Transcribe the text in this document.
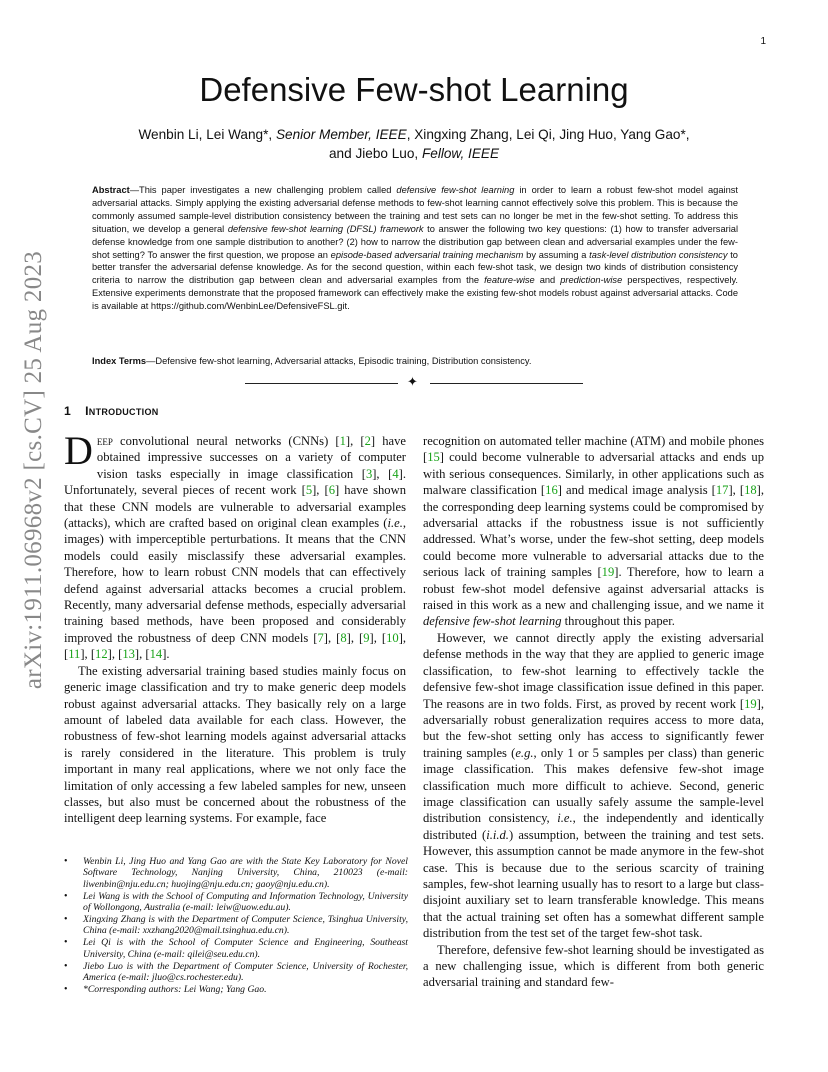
1
arXiv:1911.06968v2 [cs.CV] 25 Aug 2023
Defensive Few-shot Learning
Wenbin Li, Lei Wang*, Senior Member, IEEE, Xingxing Zhang, Lei Qi, Jing Huo, Yang Gao*,
and Jiebo Luo, Fellow, IEEE
Abstract—This paper investigates a new challenging problem called defensive few-shot learning in order to learn a robust few-shot model against adversarial attacks. Simply applying the existing adversarial defense methods to few-shot learning cannot effectively solve this problem. This is because the commonly assumed sample-level distribution consistency between the training and test sets can no longer be met in the few-shot setting. To address this situation, we develop a general defensive few-shot learning (DFSL) framework to answer the following two key questions: (1) how to transfer adversarial defense knowledge from one sample distribution to another? (2) how to narrow the distribution gap between clean and adversarial examples under the few-shot setting? To answer the first question, we propose an episode-based adversarial training mechanism by assuming a task-level distribution consistency to better transfer the adversarial defense knowledge. As for the second question, within each few-shot task, we design two kinds of distribution consistency criteria to narrow the distribution gap between clean and adversarial examples from the feature-wise and prediction-wise perspectives, respectively. Extensive experiments demonstrate that the proposed framework can effectively make the existing few-shot models robust against adversarial attacks. Code is available at https://github.com/WenbinLee/DefensiveFSL.git.
Index Terms—Defensive few-shot learning, Adversarial attacks, Episodic training, Distribution consistency.
✦
1 Introduction

Deep convolutional neural networks (CNNs) [1], [2] have obtained impressive successes on a variety of computer vision tasks especially in image classification [3], [4]. Unfortunately, several pieces of recent work [5], [6] have shown that these CNN models are vulnerable to adversarial examples (attacks), which are crafted based on original clean examples (i.e., images) with imperceptible perturbations. It means that the CNN models could easily misclassify these adversarial examples. Therefore, how to learn robust CNN models that can effectively defend against adversarial attacks becomes a crucial problem. Recently, many adversarial defense methods, especially adversarial training based methods, have been proposed and considerably improved the robustness of deep CNN models [7], [8], [9], [10], [11], [12], [13], [14].

The existing adversarial training based studies mainly focus on generic image classification and try to make generic deep models robust against adversarial attacks. They basically rely on a large amount of labeled data available for each class. However, the robustness of few-shot learning models against adversarial attacks is rarely considered in the literature. This problem is truly important in many real applications, where we not only face the limitation of only accessing a few labeled samples for new, unseen classes, but also must be concerned about the robustness of the intelligent deep learning systems. For example, face

• Wenbin Li, Jing Huo and Yang Gao are with the State Key Laboratory for Novel Software Technology, Nanjing University, China, 210023 (e-mail: liwenbin@nju.edu.cn; huojing@nju.edu.cn; gaoy@nju.edu.cn).
• Lei Wang is with the School of Computing and Information Technology, University of Wollongong, Australia (e-mail: leiw@uow.edu.au).
• Xingxing Zhang is with the Department of Computer Science, Tsinghua University, China (e-mail: xxzhang2020@mail.tsinghua.edu.cn).
• Lei Qi is with the School of Computer Science and Engineering, Southeast University, China (e-mail: qilei@seu.edu.cn).
• Jiebo Luo is with the Department of Computer Science, University of Rochester, America (e-mail: jluo@cs.rochester.edu).
• *Corresponding authors: Lei Wang; Yang Gao.

recognition on automated teller machine (ATM) and mobile phones [15] could become vulnerable to adversarial attacks and ends up with serious consequences. Similarly, in other applications such as malware classification [16] and medical image analysis [17], [18], the corresponding deep learning systems could be compromised by adversarial attacks if the robustness issue is not sufficiently addressed. What’s worse, under the few-shot setting, deep models could become more vulnerable to adversarial attacks due to the serious lack of training samples [19]. Therefore, how to learn a robust few-shot model defensive against adversarial attacks is raised in this work as a new and challenging issue, and we name it defensive few-shot learning throughout this paper.

However, we cannot directly apply the existing adversarial defense methods in the way that they are applied to generic image classification, to few-shot learning to effectively tackle the defensive few-shot image classification issue defined in this paper. The reasons are in two folds. First, as proved by recent work [19], adversarially robust generalization requires access to more data, but the few-shot setting only has access to significantly fewer training samples (e.g., only 1 or 5 samples per class) than generic image classification. This makes defensive few-shot image classification much more difficult to achieve. Second, generic image classification can usually safely assume the sample-level distribution consistency, i.e., the independently and identically distributed (i.i.d.) assumption, between the training and test sets. However, this assumption cannot be made anymore in the few-shot case. This is because due to the serious scarcity of training samples, few-shot learning usually has to resort to a large but class-disjoint auxiliary set to learn transferable knowledge. This means that the actual training set often has a somewhat different sample distribution from the test set of the target few-shot task.

Therefore, defensive few-shot learning should be investigated as a new challenging issue, which is different from both generic adversarial training and standard few-
